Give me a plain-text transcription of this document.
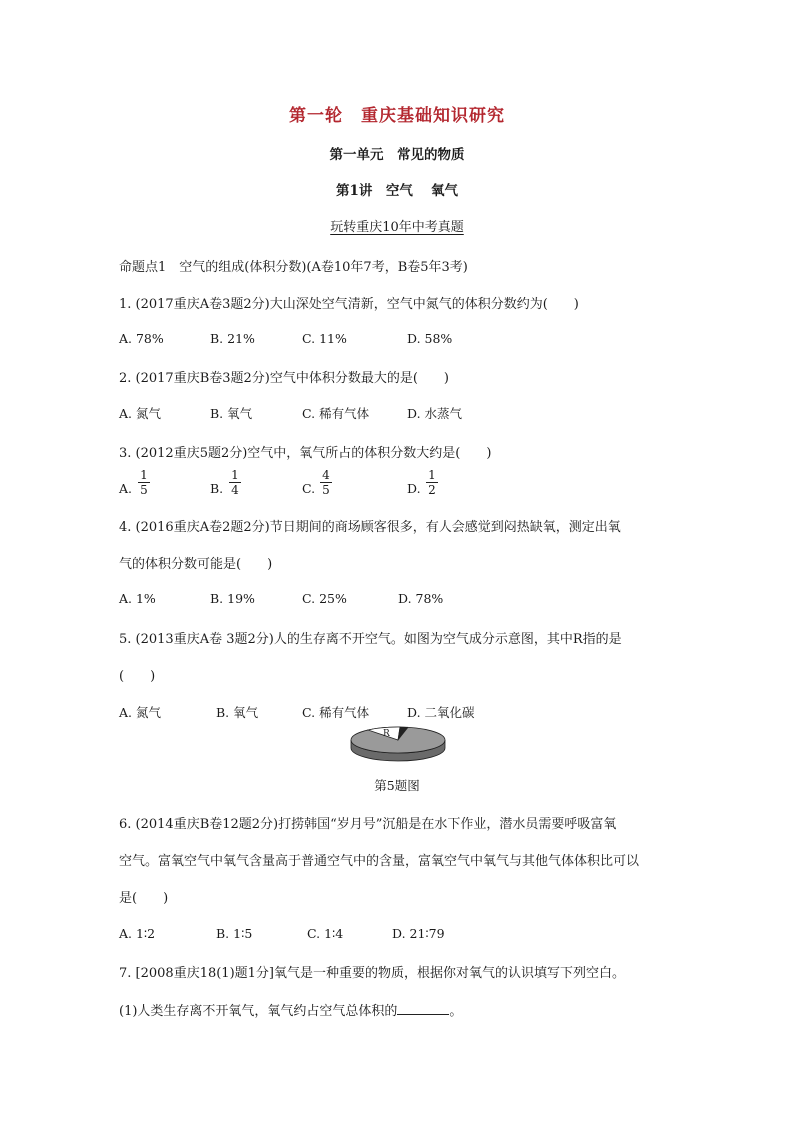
第一轮　重庆基础知识研究
第一单元　常见的物质
第1讲　空气　 氧气
玩转重庆10年中考真题
命题点1　空气的组成(体积分数)(A卷10年7考，B卷5年3考)
1. (2017重庆A卷3题2分)大山深处空气清新，空气中氮气的体积分数约为(　　)
A. 78%	B. 21%	C. 11%	D. 58%
2. (2017重庆B卷3题2分)空气中体积分数最大的是(　　)
A. 氮气	B. 氧气	C. 稀有气体	D. 水蒸气
3. (2012重庆5题2分)空气中，氧气所占的体积分数大约是(　　)
A. $\frac{1}{5}$	B. $\frac{1}{4}$	C. $\frac{4}{5}$	D. $\frac{1}{2}$
4. (2016重庆A卷2题2分)节日期间的商场顾客很多，有人会感觉到闷热缺氧，测定出氧
气的体积分数可能是(　　)
A. 1%	B. 19%	C. 25%	D. 78%
5. (2013重庆A卷 3题2分)人的生存离不开空气。如图为空气成分示意图，其中R指的是
(　　)
A. 氮气	B. 氧气	C. 稀有气体	D. 二氧化碳
R
第5题图
6. (2014重庆B卷12题2分)打捞韩国“岁月号”沉船是在水下作业，潜水员需要呼吸富氧
空气。富氧空气中氧气含量高于普通空气中的含量，富氧空气中氧气与其他气体体积比可以
是(　　)
A. 1∶2	B. 1∶5	C. 1∶4	D. 21∶79
7. [2008重庆18(1)题1分]氧气是一种重要的物质，根据你对氧气的认识填写下列空白。
(1)人类生存离不开氧气，氧气约占空气总体积的	。
